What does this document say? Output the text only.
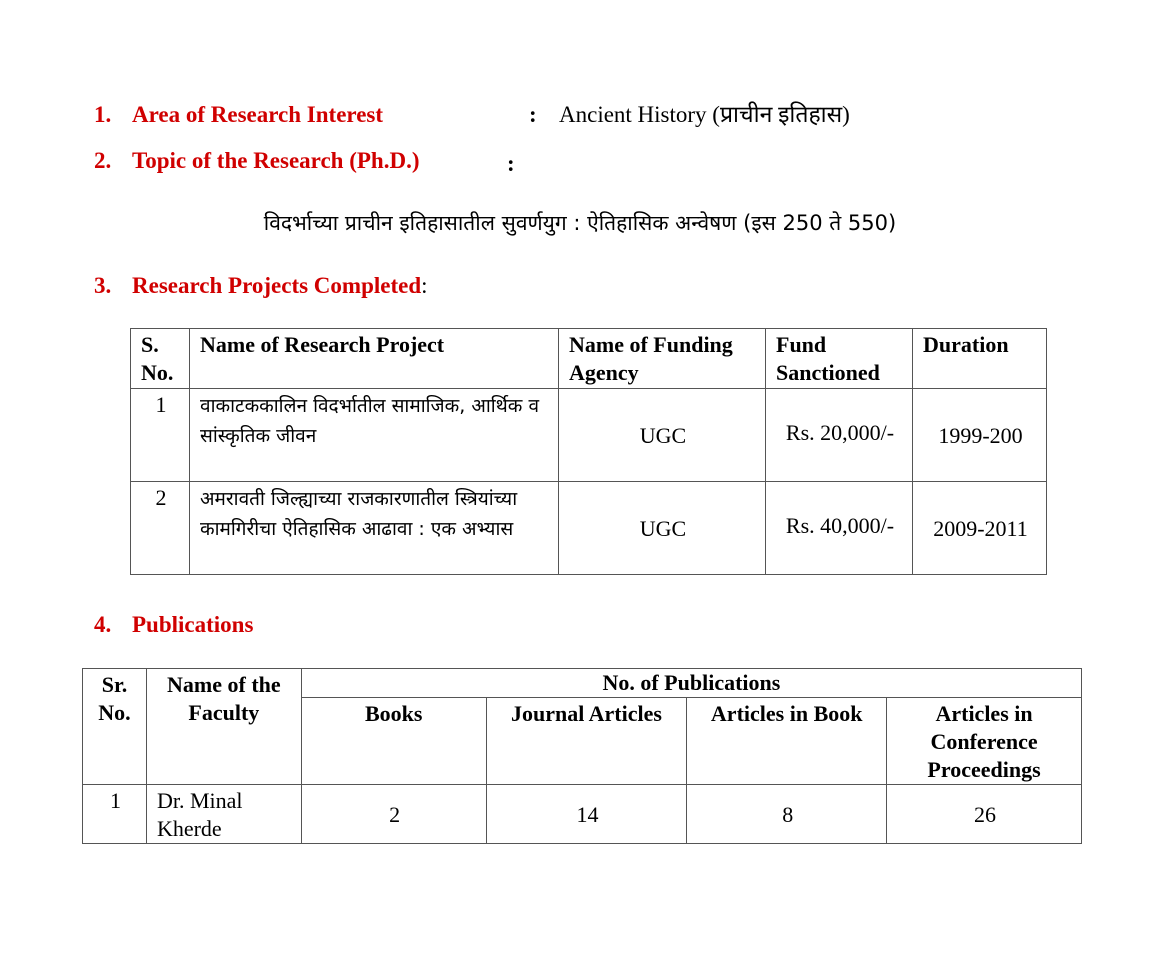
1. Area of Research Interest	: Ancient History (प्राचीन इतिहास)
2. Topic of the Research (Ph.D.)	:
विदर्भाच्या प्राचीन इतिहासातील सुवर्णयुग : ऐतिहासिक अन्वेषण (इस 250 ते 550)
3. Research Projects Completed:
S. No.	Name of Research Project	Name of Funding Agency	Fund Sanctioned	Duration
1	वाकाटककालिन विदर्भातील सामाजिक, आर्थिक व सांस्कृतिक जीवन	UGC	Rs. 20,000/-	1999-200
2	अमरावती जिल्ह्याच्या राजकारणातील स्त्रियांच्या कामगिरीचा ऐतिहासिक आढावा : एक अभ्यास	UGC	Rs. 40,000/-	2009-2011
4. Publications
Sr. No.	Name of the Faculty	No. of Publications			
		Books	Journal Articles	Articles in Book	Articles in Conference Proceedings
1	Dr. Minal Kherde	2	14	8	26
